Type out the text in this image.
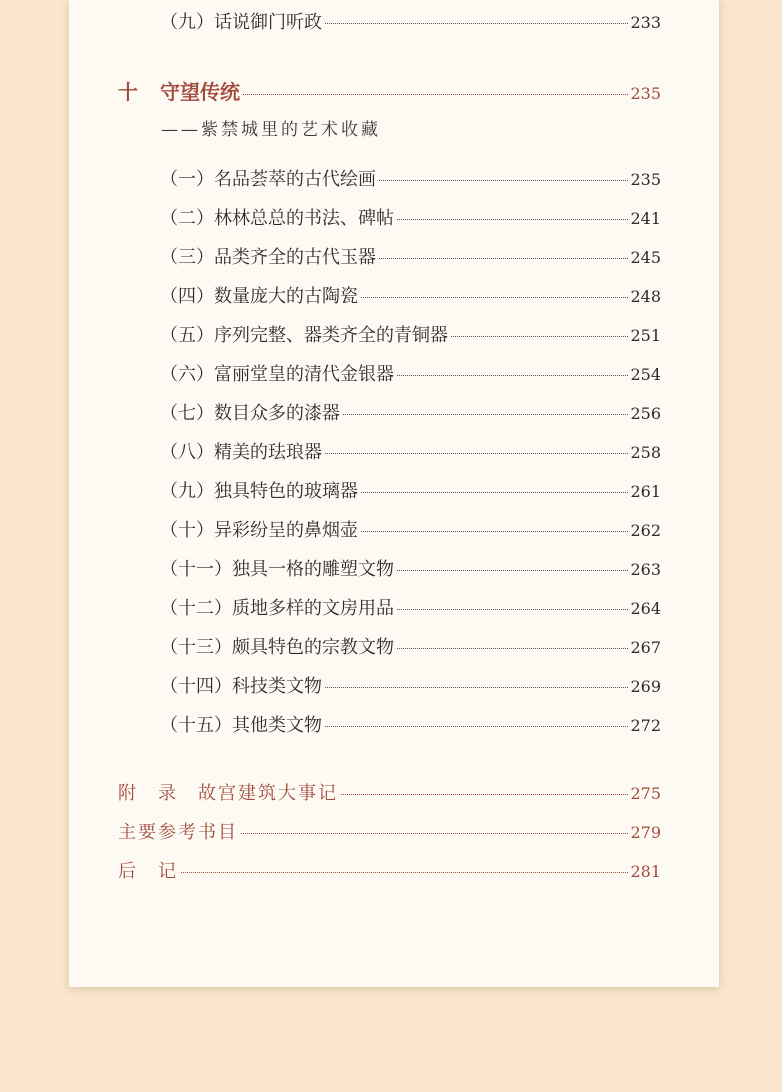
（九）话说御门听政	233
十	守望传统	235
——紫禁城里的艺术收藏
（一）名品荟萃的古代绘画	235
（二）林林总总的书法、碑帖	241
（三）品类齐全的古代玉器	245
（四）数量庞大的古陶瓷	248
（五）序列完整、器类齐全的青铜器	251
（六）富丽堂皇的清代金银器	254
（七）数目众多的漆器	256
（八）精美的珐琅器	258
（九）独具特色的玻璃器	261
（十）异彩纷呈的鼻烟壶	262
（十一）独具一格的雕塑文物	263
（十二）质地多样的文房用品	264
（十三）颇具特色的宗教文物	267
（十四）科技类文物	269
（十五）其他类文物	272
附　录　故宫建筑大事记	275
主要参考书目	279
后　记	281
